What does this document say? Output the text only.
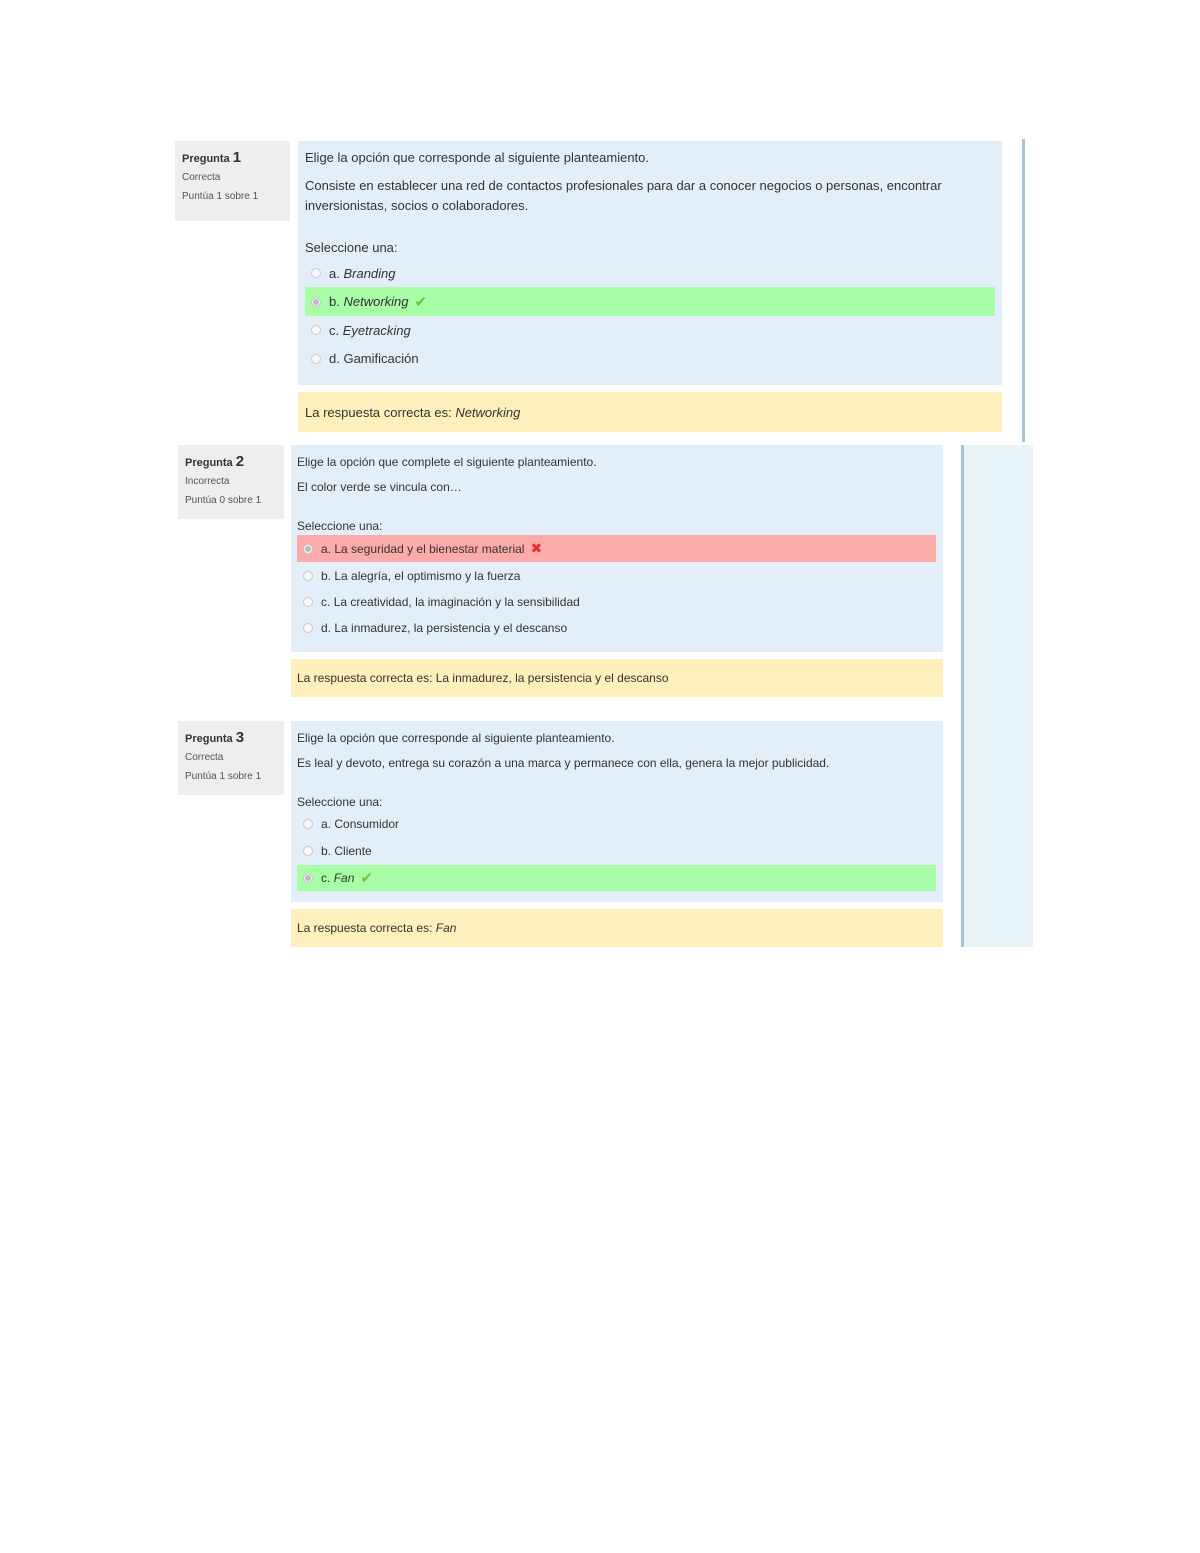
Pregunta 1
Correcta
Puntúa 1 sobre 1
Elige la opción que corresponde al siguiente planteamiento.
Consiste en establecer una red de contactos profesionales para dar a conocer negocios o personas, encontrar inversionistas, socios o colaboradores.
Seleccione una:
a.
Branding
b.
Networking ✔
c.
Eyetracking
d.
Gamificación
La respuesta correcta es: Networking
Pregunta 2
Incorrecta
Puntúa 0 sobre 1
Elige la opción que complete el siguiente planteamiento.
El color verde se vincula con…
Seleccione una:
a.
La seguridad y el bienestar material ✖
b.
La alegría, el optimismo y la fuerza
c.
La creatividad, la imaginación y la sensibilidad
d.
La inmadurez, la persistencia y el descanso
La respuesta correcta es: La inmadurez, la persistencia y el descanso
Pregunta 3
Correcta
Puntúa 1 sobre 1
Elige la opción que corresponde al siguiente planteamiento.
Es leal y devoto, entrega su corazón a una marca y permanece con ella, genera la mejor publicidad.
Seleccione una:
a.
Consumidor
b.
Cliente
c.
Fan ✔
La respuesta correcta es: Fan
